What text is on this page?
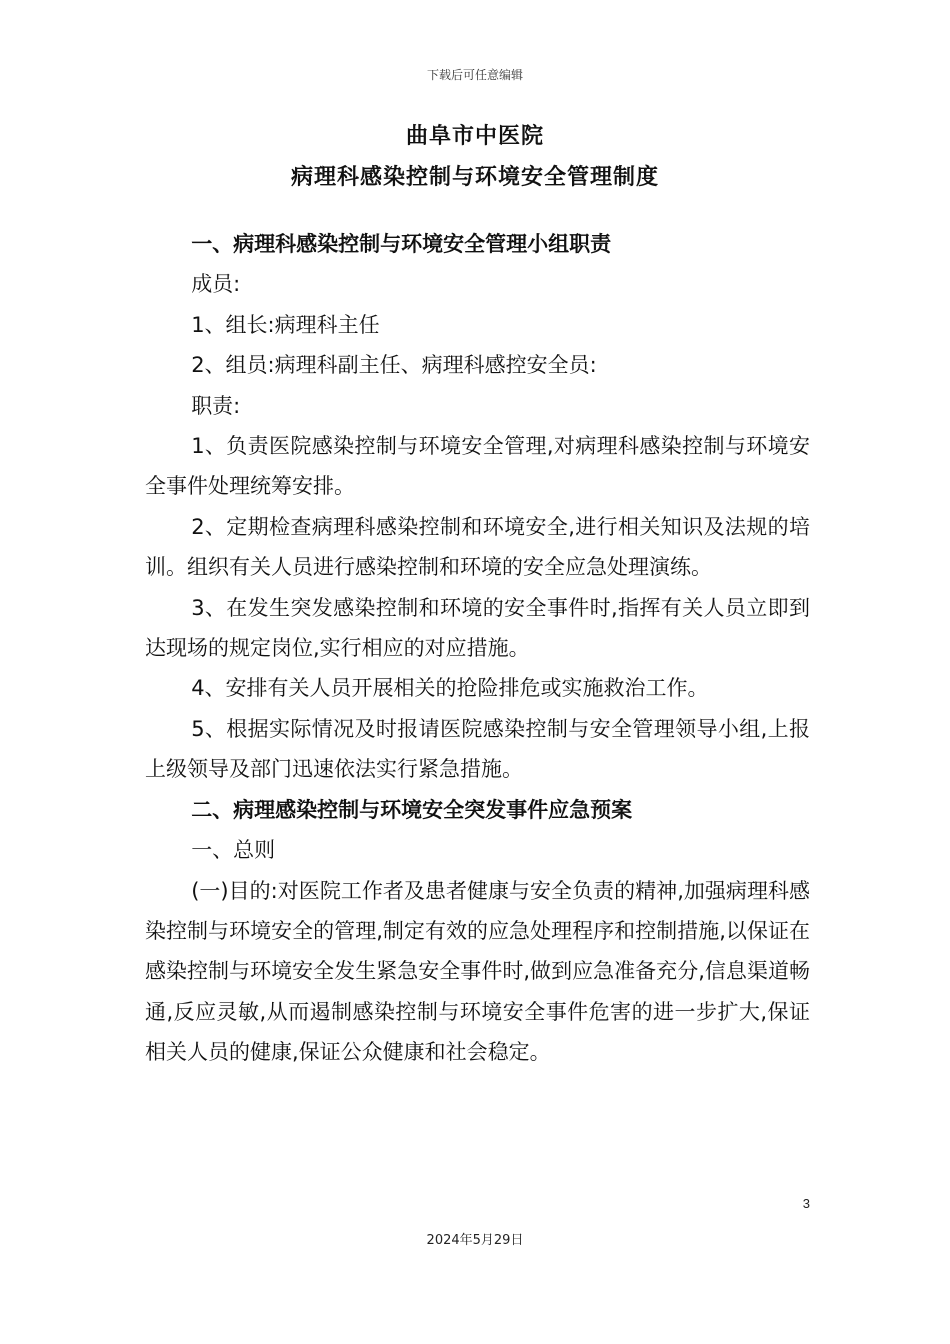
下载后可任意编辑
曲阜市中医院
病理科感染控制与环境安全管理制度

一、病理科感染控制与环境安全管理小组职责

成员:

1、组长:病理科主任

2、组员:病理科副主任、病理科感控安全员:

职责:

1、负责医院感染控制与环境安全管理,对病理科感染控制与环境安全事件处理统筹安排。

2、定期检查病理科感染控制和环境安全,进行相关知识及法规的培训。组织有关人员进行感染控制和环境的安全应急处理演练。

3、在发生突发感染控制和环境的安全事件时,指挥有关人员立即到达现场的规定岗位,实行相应的对应措施。

4、安排有关人员开展相关的抢险排危或实施救治工作。

5、根据实际情况及时报请医院感染控制与安全管理领导小组,上报上级领导及部门迅速依法实行紧急措施。

二、病理感染控制与环境安全突发事件应急预案

一、总则

(一)目的:对医院工作者及患者健康与安全负责的精神,加强病理科感染控制与环境安全的管理,制定有效的应急处理程序和控制措施,以保证在感染控制与环境安全发生紧急安全事件时,做到应急准备充分,信息渠道畅通,反应灵敏,从而遏制感染控制与环境安全事件危害的进一步扩大,保证相关人员的健康,保证公众健康和社会稳定。

3
2024年5月29日
